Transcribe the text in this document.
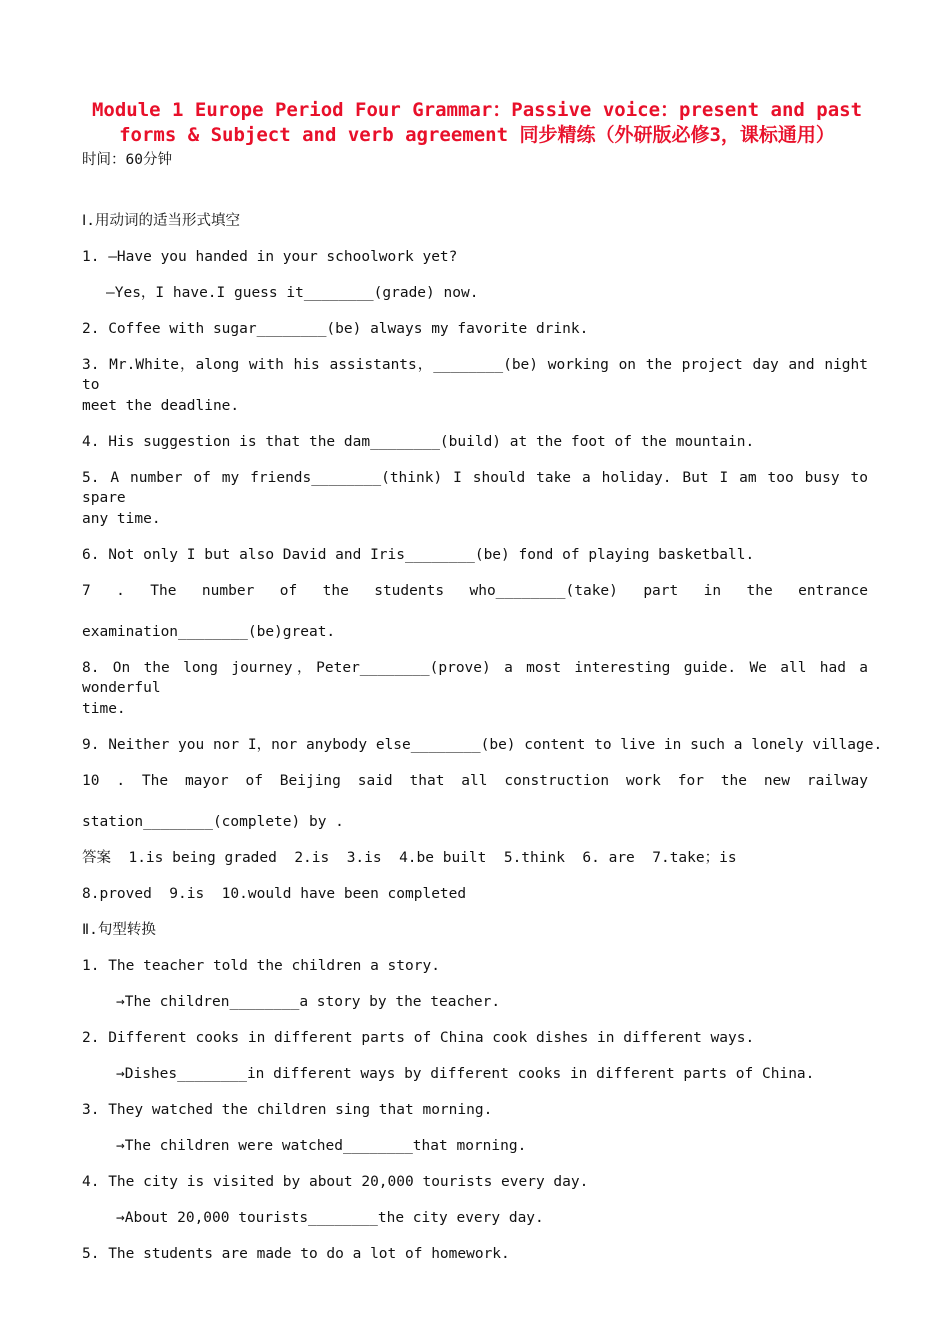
Module 1 Europe Period Four Grammar：Passive voice：present and past forms & Subject and verb agreement 同步精练（外研版必修3，课标通用）

时间：60分钟

Ⅰ.用动词的适当形式填空

1. —Have you handed in your schoolwork yet?

—Yes，I have.I guess it________(grade) now.

2. Coffee with sugar________(be) always my favorite drink.

3. Mr.White，along with his assistants，________(be) working on the project day and night to

meet the deadline.

4. His suggestion is that the dam________(build) at the foot of the mountain.

5. A number of my friends________(think) I should take a holiday. But I am too busy to spare

any time.

6. Not only I but also David and Iris________(be) fond of playing basketball.

7 . The number of the students who________(take) part in the entrance

examination________(be)great.

8. On the long journey，Peter________(prove) a most interesting guide. We all had a wonderful

time.

9. Neither you nor I，nor anybody else________(be) content to live in such a lonely village.

10 . The mayor of Beijing said that all construction work for the new railway

station________(complete) by .

答案  1.is being graded  2.is  3.is  4.be built  5.think  6. are  7.take；is

8.proved  9.is  10.would have been completed

Ⅱ.句型转换

1. The teacher told the children a story.

→The children________a story by the teacher.

2. Different cooks in different parts of China cook dishes in different ways.

→Dishes________in different ways by different cooks in different parts of China.

3. They watched the children sing that morning.

→The children were watched________that morning.

4. The city is visited by about 20,000 tourists every day.

→About 20,000 tourists________the city every day.

5. The students are made to do a lot of homework.
